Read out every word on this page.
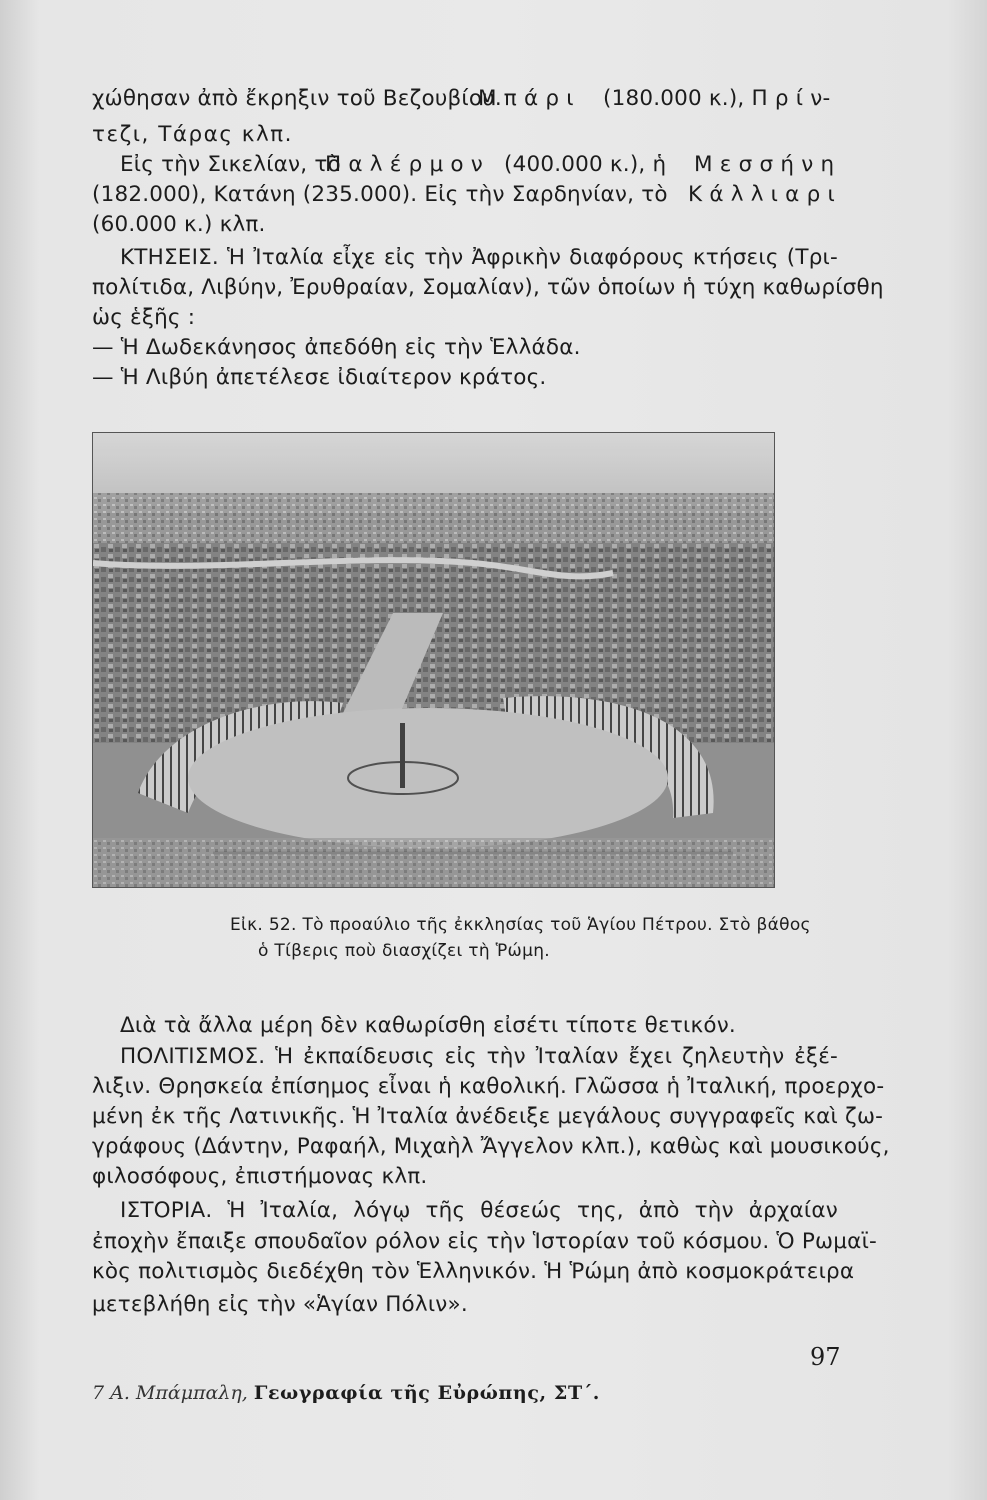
χώθησαν ἀπὸ ἔκρηξιν τοῦ Βεζουβίου.
Μ π ά ρ ι (180.000 κ.), Π ρ ί ν-
τεζι, Τάρας κλπ.
Εἰς τὴν Σικελίαν, τὸ
Π α λ έ ρ μ ο ν (400.000 κ.), ἡ Μ ε σ σ ή ν η
(182.000), Κατάνη (235.000). Εἰς τὴν Σαρδηνίαν, τὸ Κ ά λ λ ι α ρ ι
(60.000 κ.) κλπ.
ΚΤΗΣΕΙΣ. Ἡ Ἰταλία εἶχε εἰς τὴν Ἀφρικὴν διαφόρους κτήσεις (Τρι-
πολίτιδα, Λιβύην, Ἐρυθραίαν, Σομαλίαν), τῶν ὁποίων ἡ τύχη καθωρίσθη
ὡς ἑξῆς :
— Ἡ Δωδεκάνησος ἀπεδόθη εἰς τὴν Ἑλλάδα.
— Ἡ Λιβύη ἀπετέλεσε ἰδιαίτερον κράτος.
Εἰκ. 52. Τὸ προαύλιο τῆς ἐκκλησίας τοῦ Ἁγίου Πέτρου. Στὸ βάθος
ὁ Τίβερις ποὺ διασχίζει τὴ Ῥώμη.
Διὰ τὰ ἄλλα μέρη δὲν καθωρίσθη εἰσέτι τίποτε θετικόν.
ΠΟΛΙΤΙΣΜΟΣ. Ἡ ἐκπαίδευσις εἰς τὴν Ἰταλίαν ἔχει ζηλευτὴν ἐξέ-
λιξιν. Θρησκεία ἐπίσημος εἶναι ἡ καθολική. Γλῶσσα ἡ Ἰταλική, προερχο-
μένη ἐκ τῆς Λατινικῆς. Ἡ Ἰταλία ἀνέδειξε μεγάλους συγγραφεῖς καὶ ζω-
γράφους (Δάντην, Ραφαήλ, Μιχαὴλ Ἄγγελον κλπ.), καθὼς καὶ μουσικούς,
φιλοσόφους, ἐπιστήμονας κλπ.
ΙΣΤΟΡΙΑ. Ἡ Ἰταλία, λόγῳ τῆς θέσεώς της, ἀπὸ τὴν ἀρχαίαν
ἐποχὴν ἔπαιξε σπουδαῖον ρόλον εἰς τὴν Ἱστορίαν τοῦ κόσμου. Ὁ Ρωμαϊ-
κὸς πολιτισμὸς διεδέχθη τὸν Ἑλληνικόν. Ἡ Ῥώμη ἀπὸ κοσμοκράτειρα
μετεβλήθη εἰς τὴν «Ἁγίαν Πόλιν».
97
7 Α. Μπάμπαλη, Γεωγραφία τῆς Εὐρώπης, ΣΤ΄.
